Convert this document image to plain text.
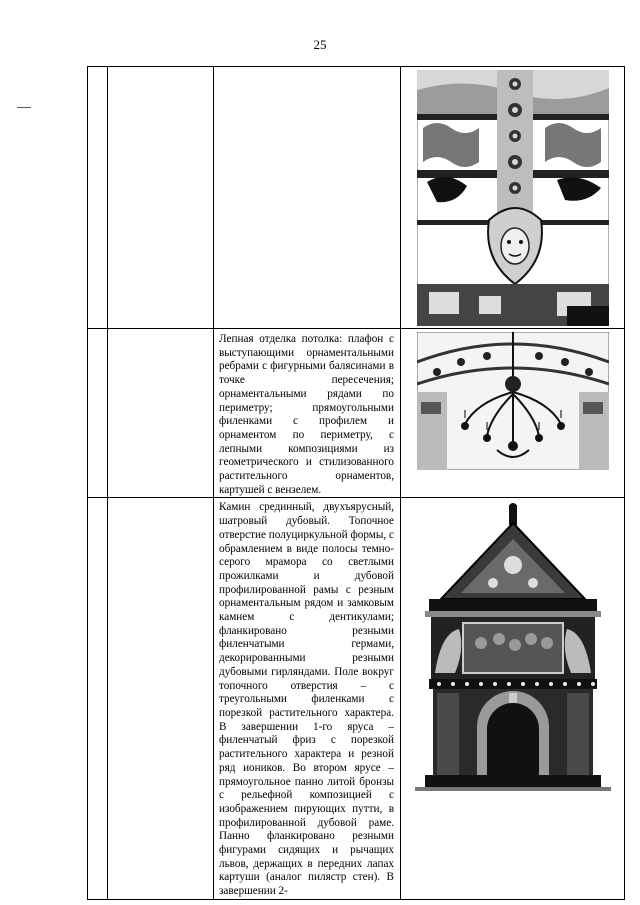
25

		Лепная отделка потолка: плафон с выступающими орнаментальными ребрами с фигурными балясинами в точке пересечения; орнаментальными рядами по периметру; прямоугольными филенками с профилем и орнаментом по периметру, с лепными композициями из геометрического и стилизованного растительного орнаментов, картушей с вензелем.

		Камин срединный, двухъярусный, шатровый дубовый. Топочное отверстие полуциркульной формы, с обрамлением в виде полосы темно-серого мрамора со светлыми прожилками и дубовой профилированной рамы с резным орнаментальным рядом и замковым камнем с дентикулами; фланкировано резными филенчатыми гермами, декорированными резными дубовыми гирляндами. Поле вокруг топочного отверстия – с треугольными филенками с порезкой растительного характера. В завершении 1-го яруса – филенчатый фриз с порезкой растительного характера и резной ряд иоников. Во втором ярусе – прямоугольное панно литой бронзы с рельефной композицией с изображением пирующих путти, в профилированной дубовой раме. Панно фланкировано резными фигурами сидящих и рычащих львов, держащих в передних лапах картуши (аналог пилястр стен). В завершении 2-
